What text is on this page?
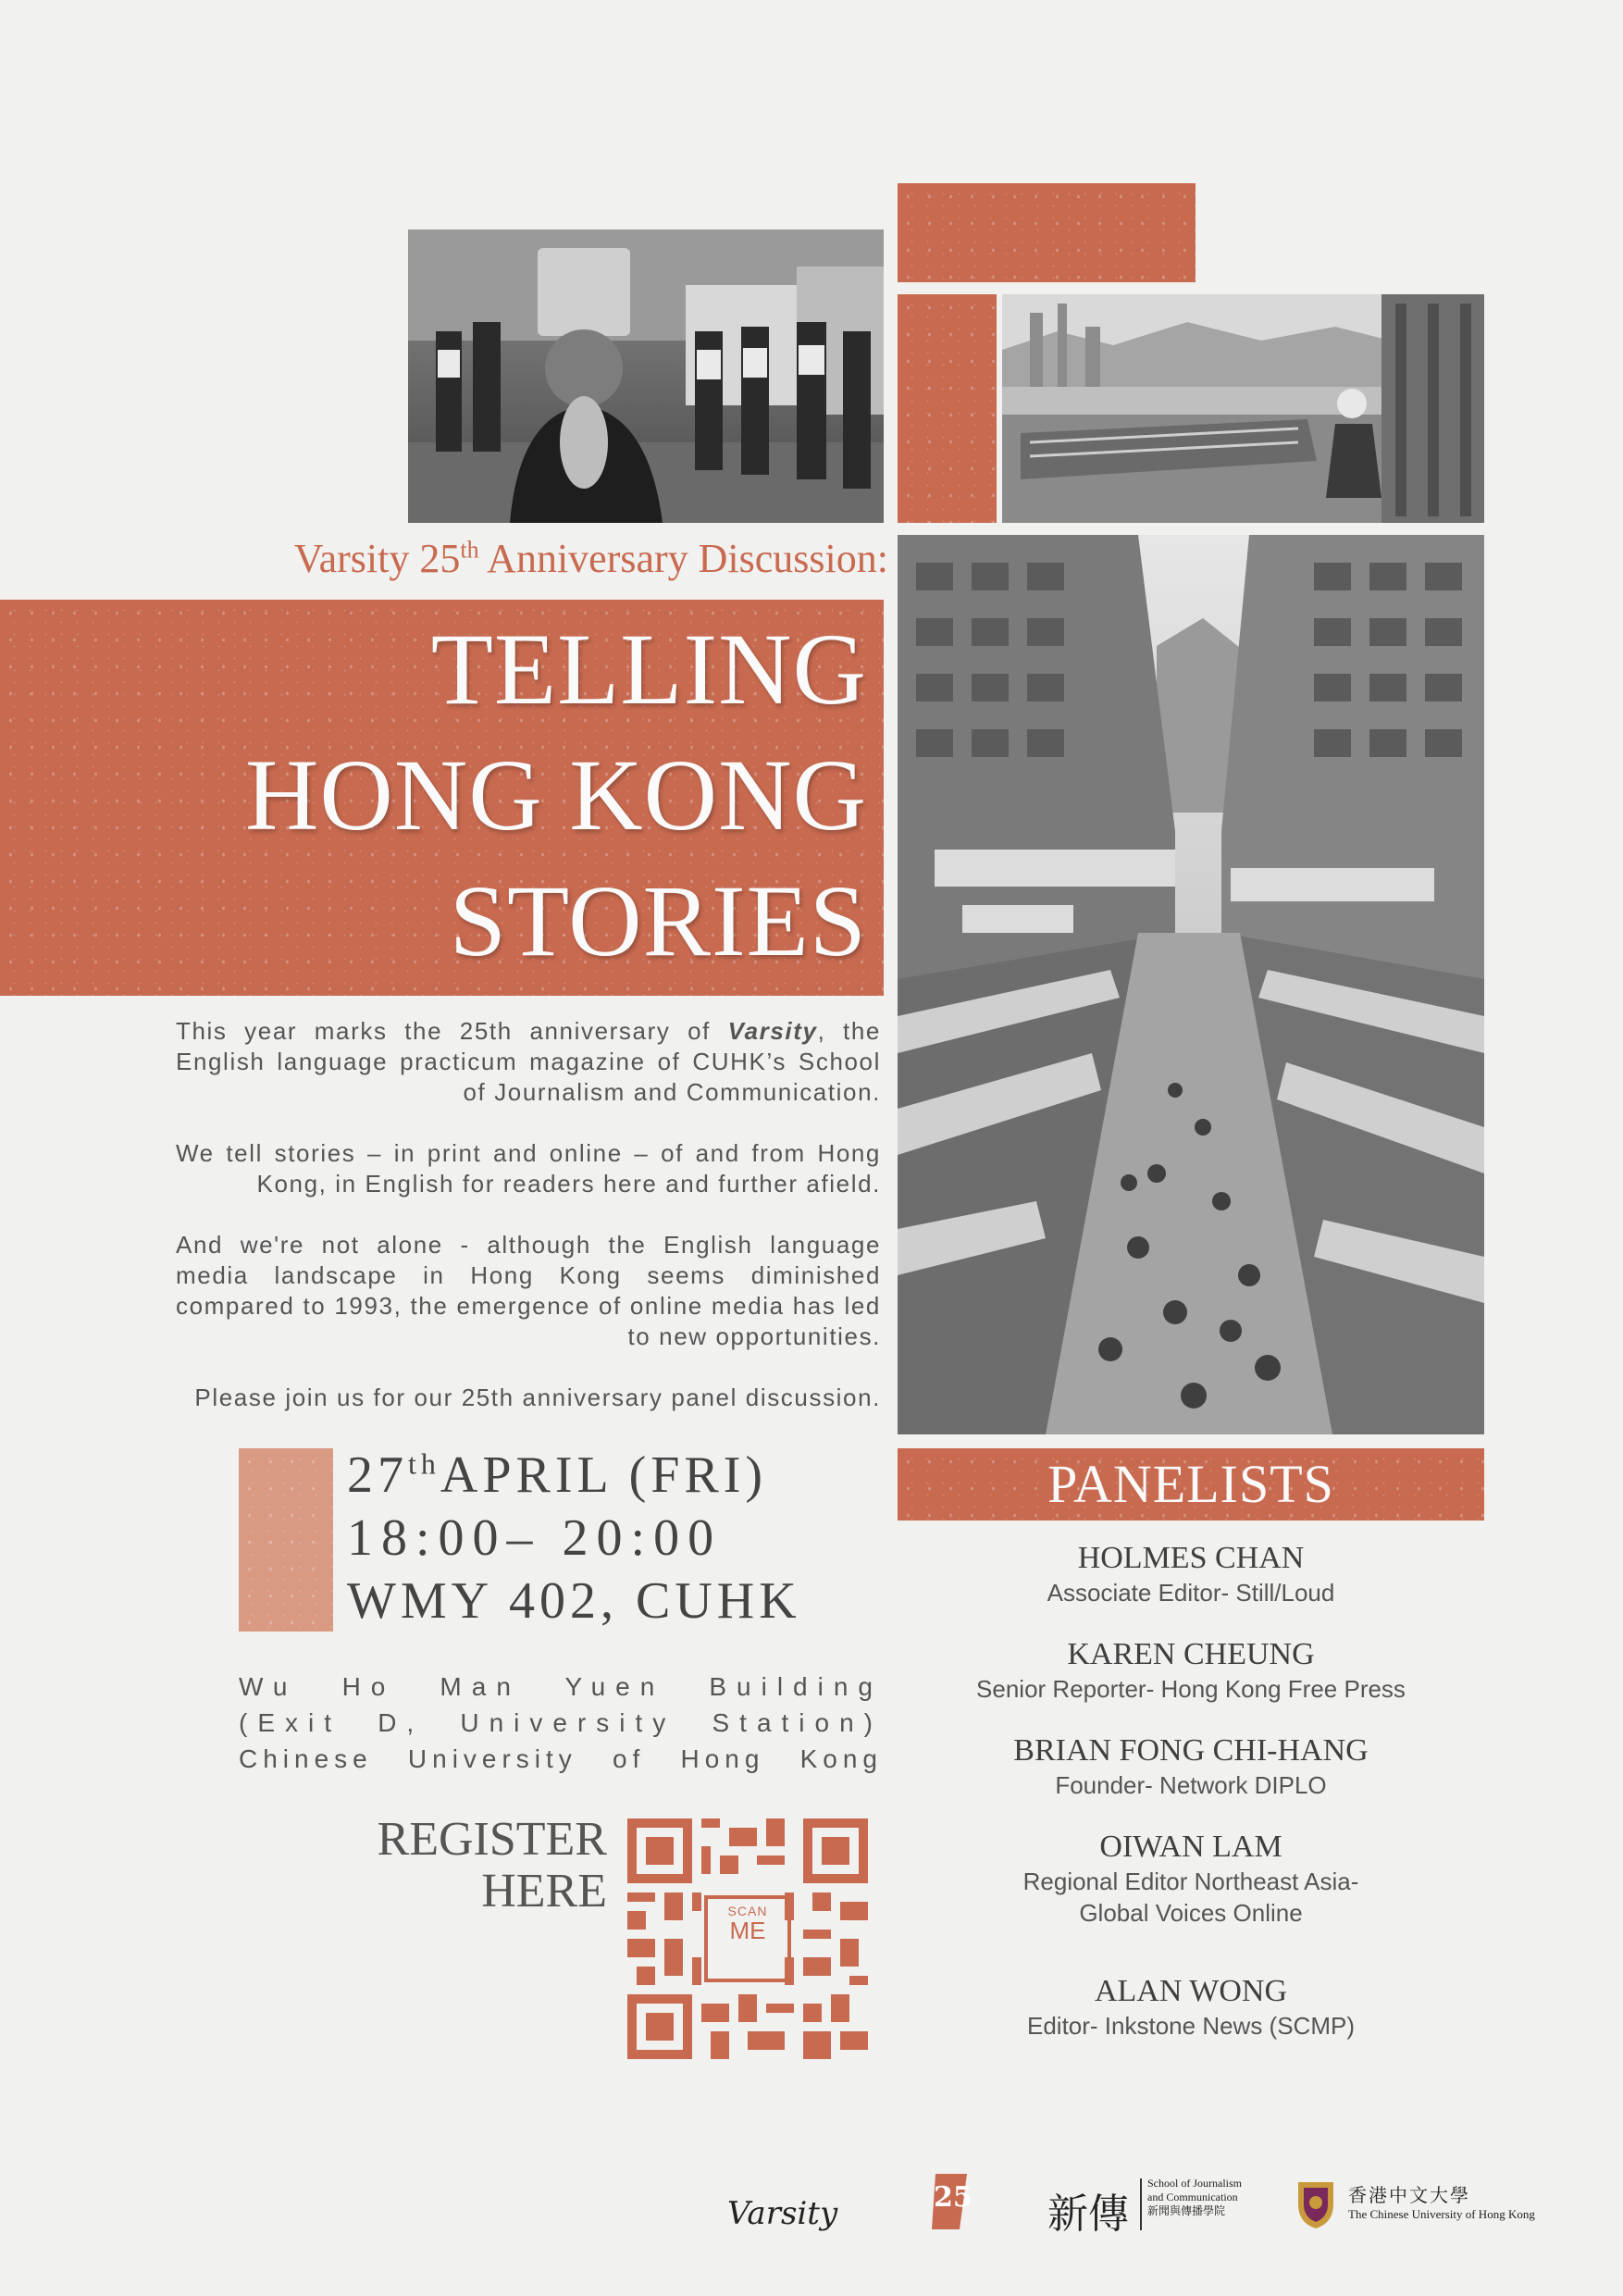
Varsity 25th Anniversary Discussion:
TELLING
HONG KONG
STORIES

This year marks the 25th anniversary of Varsity, the English language practicum magazine of CUHK’s School of Journalism and Communication.

We tell stories – in print and online – of and from Hong Kong, in English for readers here and further afield.

And we're not alone - although the English language media landscape in Hong Kong seems diminished compared to 1993, the emergence of online media has led to new opportunities.

Please join us for our 25th anniversary panel discussion.

27thAPRIL (FRI)
18:00– 20:00
WMY 402, CUHK
Wu Ho Man Yuen Building
(Exit D, University Station)
Chinese University of Hong Kong
REGISTER
HERE	SCAN
ME
PANELISTS
HOLMES CHAN
Associate Editor- Still/Loud
KAREN CHEUNG
Senior Reporter- Hong Kong Free Press
BRIAN FONG CHI-HANG
Founder- Network DIPLO
OIWAN LAM
Regional Editor Northeast Asia-
Global Voices Online
ALAN WONG
Editor- Inkstone News (SCMP)
Varsity	25 新傳
School of Journalism
and Communication
新聞與傳播學院
香港中文大學
The Chinese University of Hong Kong
